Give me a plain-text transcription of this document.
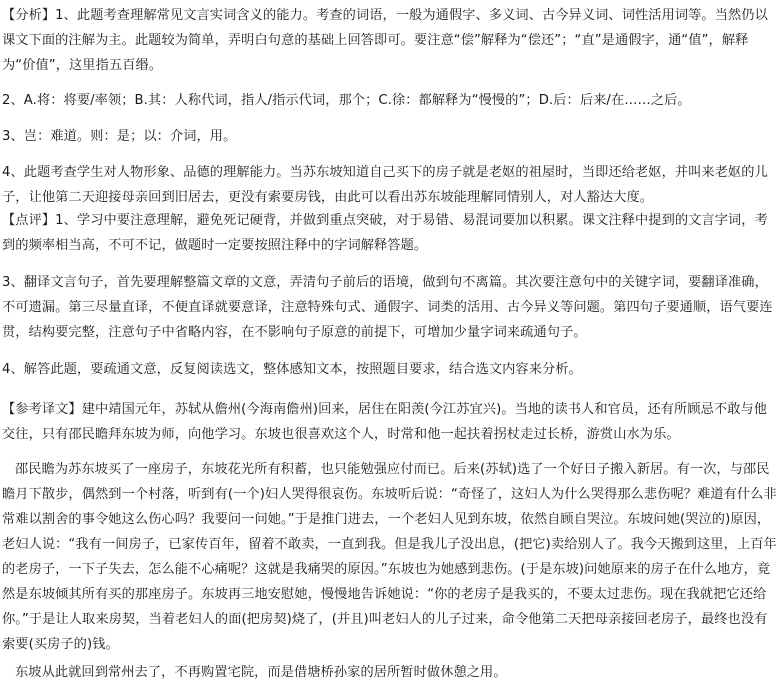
【分析】1、此题考查理解常见文言实词含义的能力。考查的词语，一般为通假字、多义词、古今异义词、词性活用词等。当然仍以课文下面的注解为主。此题较为简单，弄明白句意的基础上回答即可。要注意“偿”解释为“偿还”；“直”是通假字，通“值”，解释为“价值”，这里指五百缗。
2、A.将：将要/率领；B.其：人称代词，指人/指示代词，那个；C.徐：都解释为“慢慢的”；D.后：后来/在……之后。
3、岂：难道。则：是；以：介词，用。
4、此题考查学生对人物形象、品德的理解能力。当苏东坡知道自己买下的房子就是老妪的祖屋时，当即还给老妪，并叫来老妪的儿子，让他第二天迎接母亲回到旧居去，更没有索要房钱，由此可以看出苏东坡能理解同情别人，对人豁达大度。
【点评】1、学习中要注意理解，避免死记硬背，并做到重点突破，对于易错、易混词要加以积累。课文注释中提到的文言字词，考到的频率相当高，不可不记，做题时一定要按照注释中的字词解释答题。
3、翻译文言句子，首先要理解整篇文章的文意，弄清句子前后的语境，做到句不离篇。其次要注意句中的关键字词，要翻译准确，不可遗漏。第三尽量直译，不便直译就要意译，注意特殊句式、通假字、词类的活用、古今异义等问题。第四句子要通顺，语气要连贯，结构要完整，注意句子中省略内容，在不影响句子原意的前提下，可增加少量字词来疏通句子。
4、解答此题，要疏通文意，反复阅读选文，整体感知文本，按照题目要求，结合选文内容来分析。
【参考译文】建中靖国元年，苏轼从儋州(今海南儋州)回来，居住在阳羡(今江苏宜兴)。当地的读书人和官员，还有所顾忌不敢与他交往，只有邵民瞻拜东坡为师，向他学习。东坡也很喜欢这个人，时常和他一起扶着拐杖走过长桥，游赏山水为乐。
邵民瞻为苏东坡买了一座房子，东坡花光所有积蓄，也只能勉强应付而已。后来(苏轼)选了一个好日子搬入新居。有一次，与邵民瞻月下散步，偶然到一个村落，听到有(一个)妇人哭得很哀伤。东坡听后说：“奇怪了，这妇人为什么哭得那么悲伤呢？难道有什么非常难以割舍的事令她这么伤心吗？我要问一问她。”于是推门进去，一个老妇人见到东坡，依然自顾自哭泣。东坡问她(哭泣的)原因，老妇人说：“我有一间房子，已家传百年，留着不敢卖，一直到我。但是我儿子没出息，(把它)卖给别人了。我今天搬到这里，上百年的老房子，一下子失去，怎么能不心痛呢？这就是我痛哭的原因。”东坡也为她感到悲伤。(于是东坡)问她原来的房子在什么地方，竟然是东坡倾其所有买的那座房子。东坡再三地安慰她，慢慢地告诉她说：“你的老房子是我买的，不要太过悲伤。现在我就把它还给你。”于是让人取来房契，当着老妇人的面(把房契)烧了，(并且)叫老妇人的儿子过来，命令他第二天把母亲接回老房子，最终也没有索要(买房子的)钱。
东坡从此就回到常州去了，不再购置宅院，而是借塘桥孙家的居所暂时做休憩之用。
